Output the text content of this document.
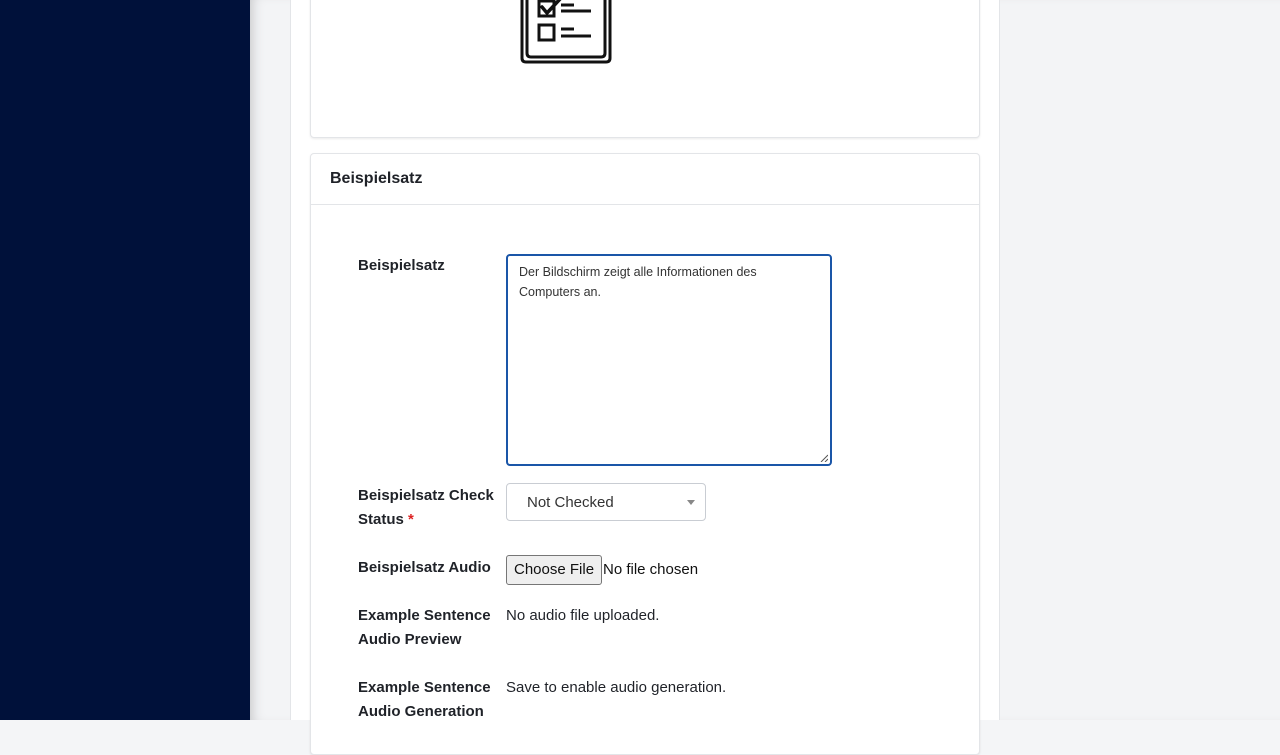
Beispielsatz
Beispielsatz	Der Bildschirm zeigt alle Informationen des Computers an.
Beispielsatz Check Status *
Not Checked
Beispielsatz Audio	Choose File No file chosen
Example Sentence Audio Preview
No audio file uploaded.
Example Sentence Audio Generation
Save to enable audio generation.
